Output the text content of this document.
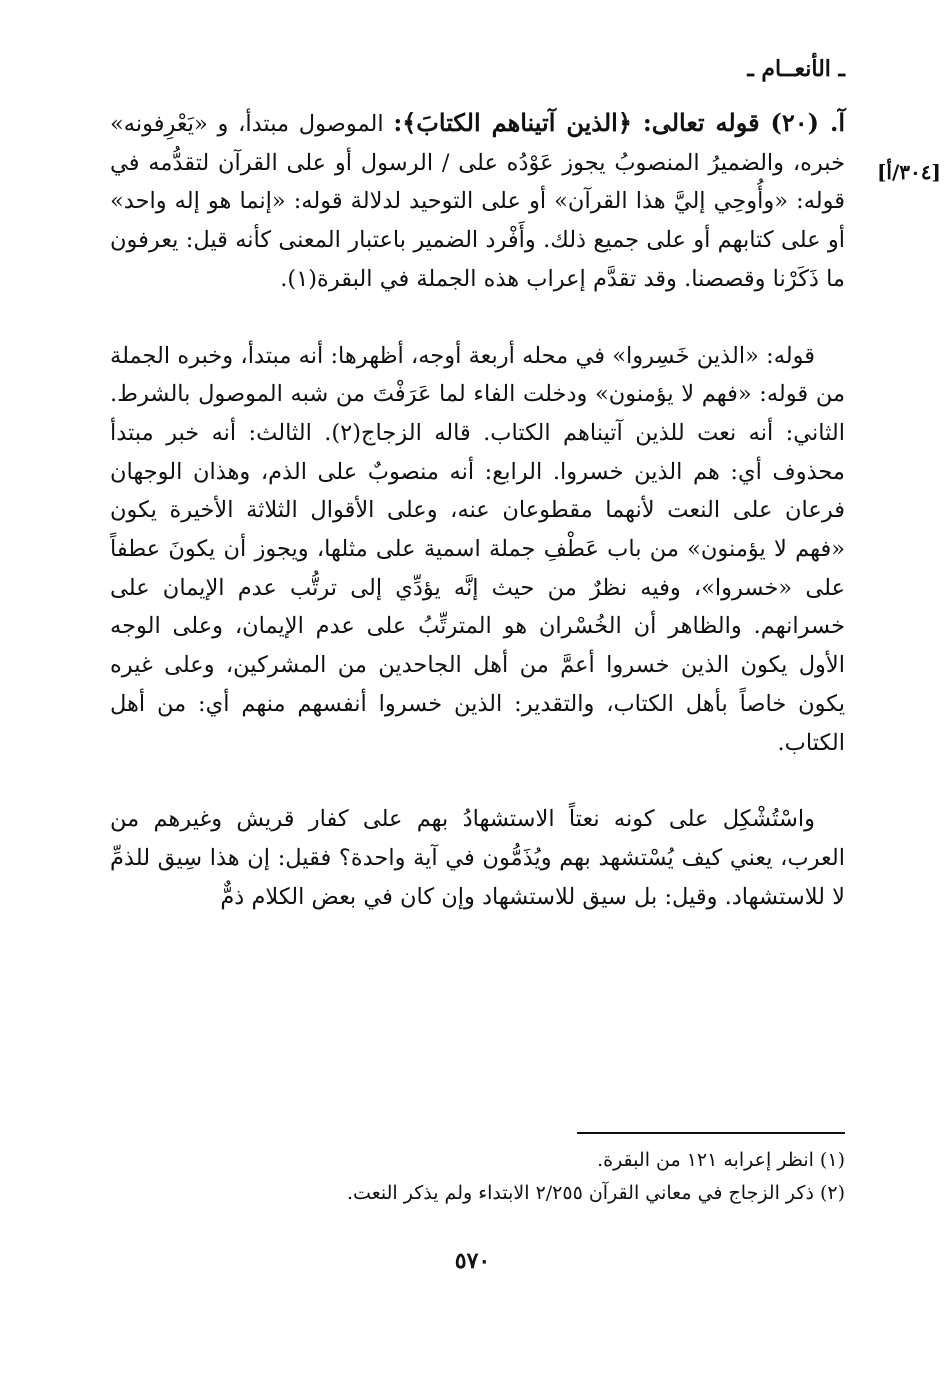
ـ الأنعــام ـ
[٣٠٤/أ]

آ. (٢٠) قوله تعالى: ﴿الذين آتيناهم الكتابَ﴾: الموصول مبتدأ، و «يَعْرِفونه» خبره، والضميرُ المنصوبُ يجوز عَوْدُه على / الرسول أو على القرآن لتقدُّمه في قوله: «وأُوحِي إليَّ هذا القرآن» أو على التوحيد لدلالة قوله: «إنما هو إله واحد» أو على كتابهم أو على جميع ذلك. وأَفْرد الضمير باعتبار المعنى كأنه قيل: يعرفون ما ذَكَرْنا وقصصنا. وقد تقدَّم إعراب هذه الجملة في البقرة(١).

قوله: «الذين خَسِروا» في محله أربعة أوجه، أظهرها: أنه مبتدأ، وخبره الجملة من قوله: «فهم لا يؤمنون» ودخلت الفاء لما عَرَفْتَ من شبه الموصول بالشرط. الثاني: أنه نعت للذين آتيناهم الكتاب. قاله الزجاج(٢). الثالث: أنه خبر مبتدأ محذوف أي: هم الذين خسروا. الرابع: أنه منصوبٌ على الذم، وهذان الوجهان فرعان على النعت لأنهما مقطوعان عنه، وعلى الأقوال الثلاثة الأخيرة يكون «فهم لا يؤمنون» من باب عَطْفِ جملة اسمية على مثلها، ويجوز أن يكونَ عطفاً على «خسروا»، وفيه نظرٌ من حيث إنَّه يؤدِّي إلى ترتُّب عدم الإيمان على خسرانهم. والظاهر أن الخُسْران هو المترتِّبُ على عدم الإيمان، وعلى الوجه الأول يكون الذين خسروا أعمَّ من أهل الجاحدين من المشركين، وعلى غيره يكون خاصاً بأهل الكتاب، والتقدير: الذين خسروا أنفسهم منهم أي: من أهل الكتاب.

واسْتُشْكِل على كونه نعتاً الاستشهادُ بهم على كفار قريش وغيرهم من العرب، يعني كيف يُسْتشهد بهم ويُذَمُّون في آية واحدة؟ فقيل: إن هذا سِيق للذمِّ لا للاستشهاد. وقيل: بل سيق للاستشهاد وإن كان في بعض الكلام ذمٌّ

(١) انظر إعرابه ١٢١ من البقرة.
(٢) ذكر الزجاج في معاني القرآن ٢/٢٥٥ الابتداء ولم يذكر النعت.
٥٧٠
